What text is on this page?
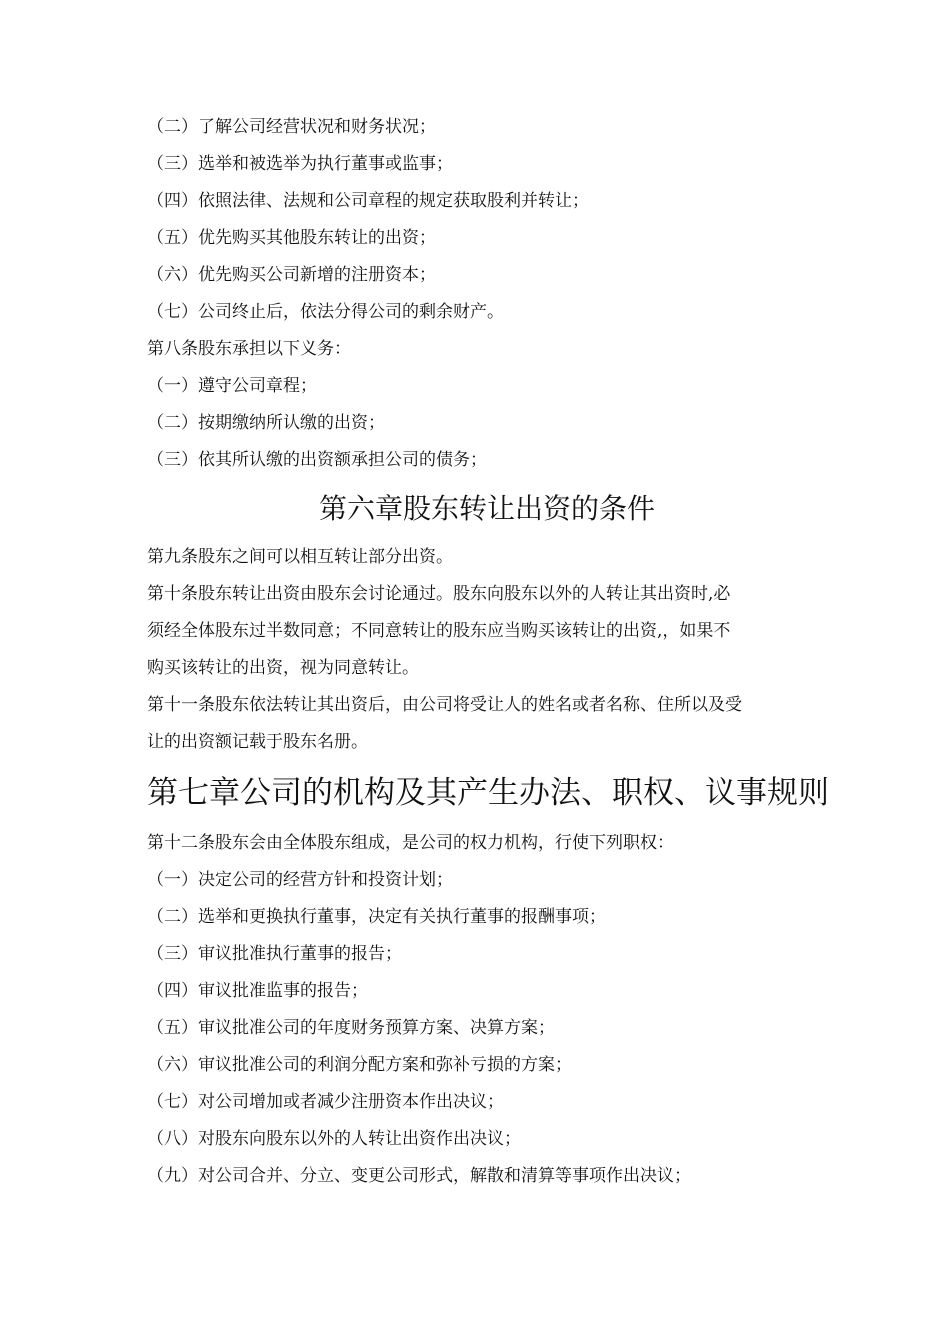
（二）了解公司经营状况和财务状况；

（三）选举和被选举为执行董事或监事；

（四）依照法律、法规和公司章程的规定获取股利并转让；

（五）优先购买其他股东转让的出资；

（六）优先购买公司新增的注册资本；

（七）公司终止后，依法分得公司的剩余财产。

第八条股东承担以下义务：

（一）遵守公司章程；

（二）按期缴纳所认缴的出资；

（三）依其所认缴的出资额承担公司的债务；

第六章股东转让出资的条件

第九条股东之间可以相互转让部分出资。

第十条股东转让出资由股东会讨论通过。股东向股东以外的人转让其出资时,必

须经全体股东过半数同意；不同意转让的股东应当购买该转让的出资,，如果不

购买该转让的出资，视为同意转让。

第十一条股东依法转让其出资后，由公司将受让人的姓名或者名称、住所以及受

让的出资额记载于股东名册。

第七章公司的机构及其产生办法、职权、议事规则

第十二条股东会由全体股东组成，是公司的权力机构，行使下列职权：

（一）决定公司的经营方针和投资计划；

（二）选举和更换执行董事，决定有关执行董事的报酬事项；

（三）审议批准执行董事的报告；

（四）审议批准监事的报告；

（五）审议批准公司的年度财务预算方案、决算方案；

（六）审议批准公司的利润分配方案和弥补亏损的方案；

（七）对公司增加或者减少注册资本作出决议；

（八）对股东向股东以外的人转让出资作出决议；

（九）对公司合并、分立、变更公司形式，解散和清算等事项作出决议；
